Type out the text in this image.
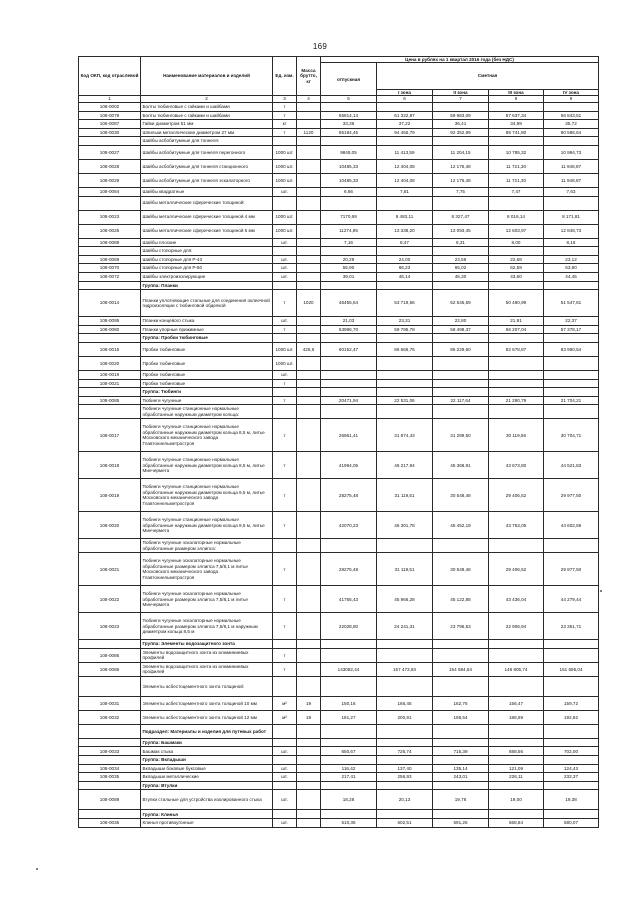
169
Код ОКП, код отраслевой	Наименование материалов и изделий	Ед. изм.	Масса брутто, кг	Цена в рублях на 1 квартал 2016 года (без НДС)				
				отпускная	Сметная			
					I зона	II зона	III зона	IV зона
1	2	3	4	5	6	7	8	9
108-0002	Болты тюбинговые с гайками и шайбами	т						
108-0079	Болты тюбинговые с гайками и шайбами	т		55814,14	61 322,87	59 983,09	57 637,34	56 843,51
106-0087	Гайки диаметром 51 мм	кг		33,36	37,22	36,41	34,99	35,72
108-0030	Шпильки металлические диаметром 27 мм	т	1120	85184,45	94 455,79	92 352,99	88 741,80	90 586,64
	Шайбы асбобитумные для тоннеля:							
108-0027	Шайбы асбобитумные для тоннеля перегонного	1000 шт.		9848,05	11 413,59	11 204,15	10 785,32	10 994,73
108-0028	Шайбы асбобитумные для тоннеля станционного	1000 шт.		10485,33	12 404,08	12 176,48	11 721,30	11 948,87
108-0029	Шайбы асбобитумные для тоннеля эскалаторного	1000 шт.		10485,33	12 404,08	12 176,48	11 721,30	11 948,87
108-0084	Шайбы квадратные	шт.		6,66	7,81	7,75	7,47	7,63
	Шайбы металлические сферические толщиной:							
108-0023	Шайбы металлические сферические толщиной 4 мм	1000 шт.		7170,69	8 483,11	8 327,47	8 016,14	8 171,81
108-0025	Шайбы металлические сферические толщиной 5 мм	1000 шт.		11274,95	13 338,20	13 093,45	12 603,97	12 848,73
108-0088	Шайбы плоские	шт.		7,16	8,47	8,31	8,00	8,16
	Шайбы стопорные для:							
108-0069	Шайбы стопорные для Р-43	шт.		20,29	24,00	23,56	22,68	23,12
108-0070	Шайбы стопорные для Р-50	шт.		55,90	66,23	65,02	62,59	63,80
108-0072	Шайбы электроизолирующие	шт.		39,01	46,14	45,30	43,60	44,45
	Группа: Планки							
108-0014	Планки уплотняющие стальные для соединения оклеечной гидроизоляции с тюбинговой обделкой	т	1020	46455,64	53 719,56	52 545,59	50 490,99	51 547,81
108-0095	Планки концевого стыка	шт.		21,03	23,31	22,80	21,91	22,37
108-0080	Планки упорные прижимные	т		53996,70	59 795,78	58 498,37	56 207,04	57 378,17
	Группа: Пробки тюбинговые							
108-0015	Пробки тюбинговые	1000 шт.	425,6	60152,47	86 666,76	85 229,60	82 678,87	83 990,54
108-0020	Пробки тюбинговые	1000 шт.						
108-0019	Пробки тюбинговые	шт.						
108-0021	Пробки тюбинговые	т						
	Группа: Тюбинги							
108-0085	Тюбинги чугунные	т		20471,94	22 531,06	22 117,64	21 290,79	21 704,21
	Тюбинги чугунные станционные нормальные обработанные наружным диаметром кольца:							
108-0017	Тюбинги чугунные станционные нормальные обработанные наружным диаметром кольца 8,5 м, литье Московского механического завода Главтоннельметростроя	т		26961,41	31 874,43	31 289,50	30 119,56	30 704,71
108-0018	Тюбинги чугунные станционные нормальные обработанные наружным диаметром кольца 8,5 м, литье Минчерметa	т		41994,05	46 217,94	45 368,91	43 673,80	44 521,83
108-0019	Тюбинги чугунные станционные нормальные обработанные наружным диаметром кольца 9,5 м, литье Московского механического завода Главтоннельметростроя	т		28275,48	31 119,51	30 548,48	29 406,52	29 977,50
108-0020	Тюбинги чугунные станционные нормальные обработанные наружным диаметром кольца 9,5 м, литье Минчерметa	т		42070,23	46 301,78	45 452,19	43 753,05	44 602,59
	Тюбинги чугунные эскалаторные нормальные обработанные размером эллипса:							
108-0021	Тюбинги чугунные эскалаторные нормальные обработанные размером эллипса 7,5/8,1 м литье Московского механического завода Главтоннельметростроя	т		28275,48	31 119,51	30 548,48	29 406,52	29 977,50
108-0022	Тюбинги чугунные эскалаторные нормальные обработанные размером эллипса 7,5/8,1 м литье Минчерметa	т		41765,43	45 966,28	45 122,88	43 436,04	44 279,44
108-0023	Тюбинги чугунные эскалаторные нормальные обработанные размером эллипса 7,5/8,1 м наружным диаметром кольца 8,5 м	т		22028,80	24 241,31	23 796,53	22 906,94	23 351,71
	Группа: Элементы водозащитного зонта							
108-0086	Элементы водозащитного зонта из алюминиевых профилей	т						
108-0086	Элементы водозащитного зонта из алюминиевых профилей	т		143082,44	157 473,93	154 584,64	148 805,74	151 695,04
	Элементы асбестоцементного зонта толщиной:							
108-0031	Элементы асбестоцементного зонта толщиной 10 мм	м²	19	150,16	166,45	162,76	156,47	159,72
108-0032	Элементы асбестоцементного зонта толщиной 12 мм	м²	19	181,27	200,91	196,54	188,69	192,82
	Подраздел: Материалы и изделия для путевых работ							
	Группа: Башмаки							
108-0033	Башмак стыкa	шт.		650,67	726,74	715,39	688,56	702,00
	Группа: Вкладыши							
108-0034	Вкладыши боковые буксовые	шт.		116,42	137,40	135,14	121,09	124,43
108-0035	Вкладыши металлические	шт.		217,41	256,93	243,01	226,11	232,37
	Группа: Втулки							
108-0089	Втулки стальные для устройства изолированного стыка	шт.		18,28	20,13	19,76	19,00	19,38
	Группа: Клинья							
108-0036	Клинья противоугонные	шт.		510,36	602,51	591,26	568,84	580,07
